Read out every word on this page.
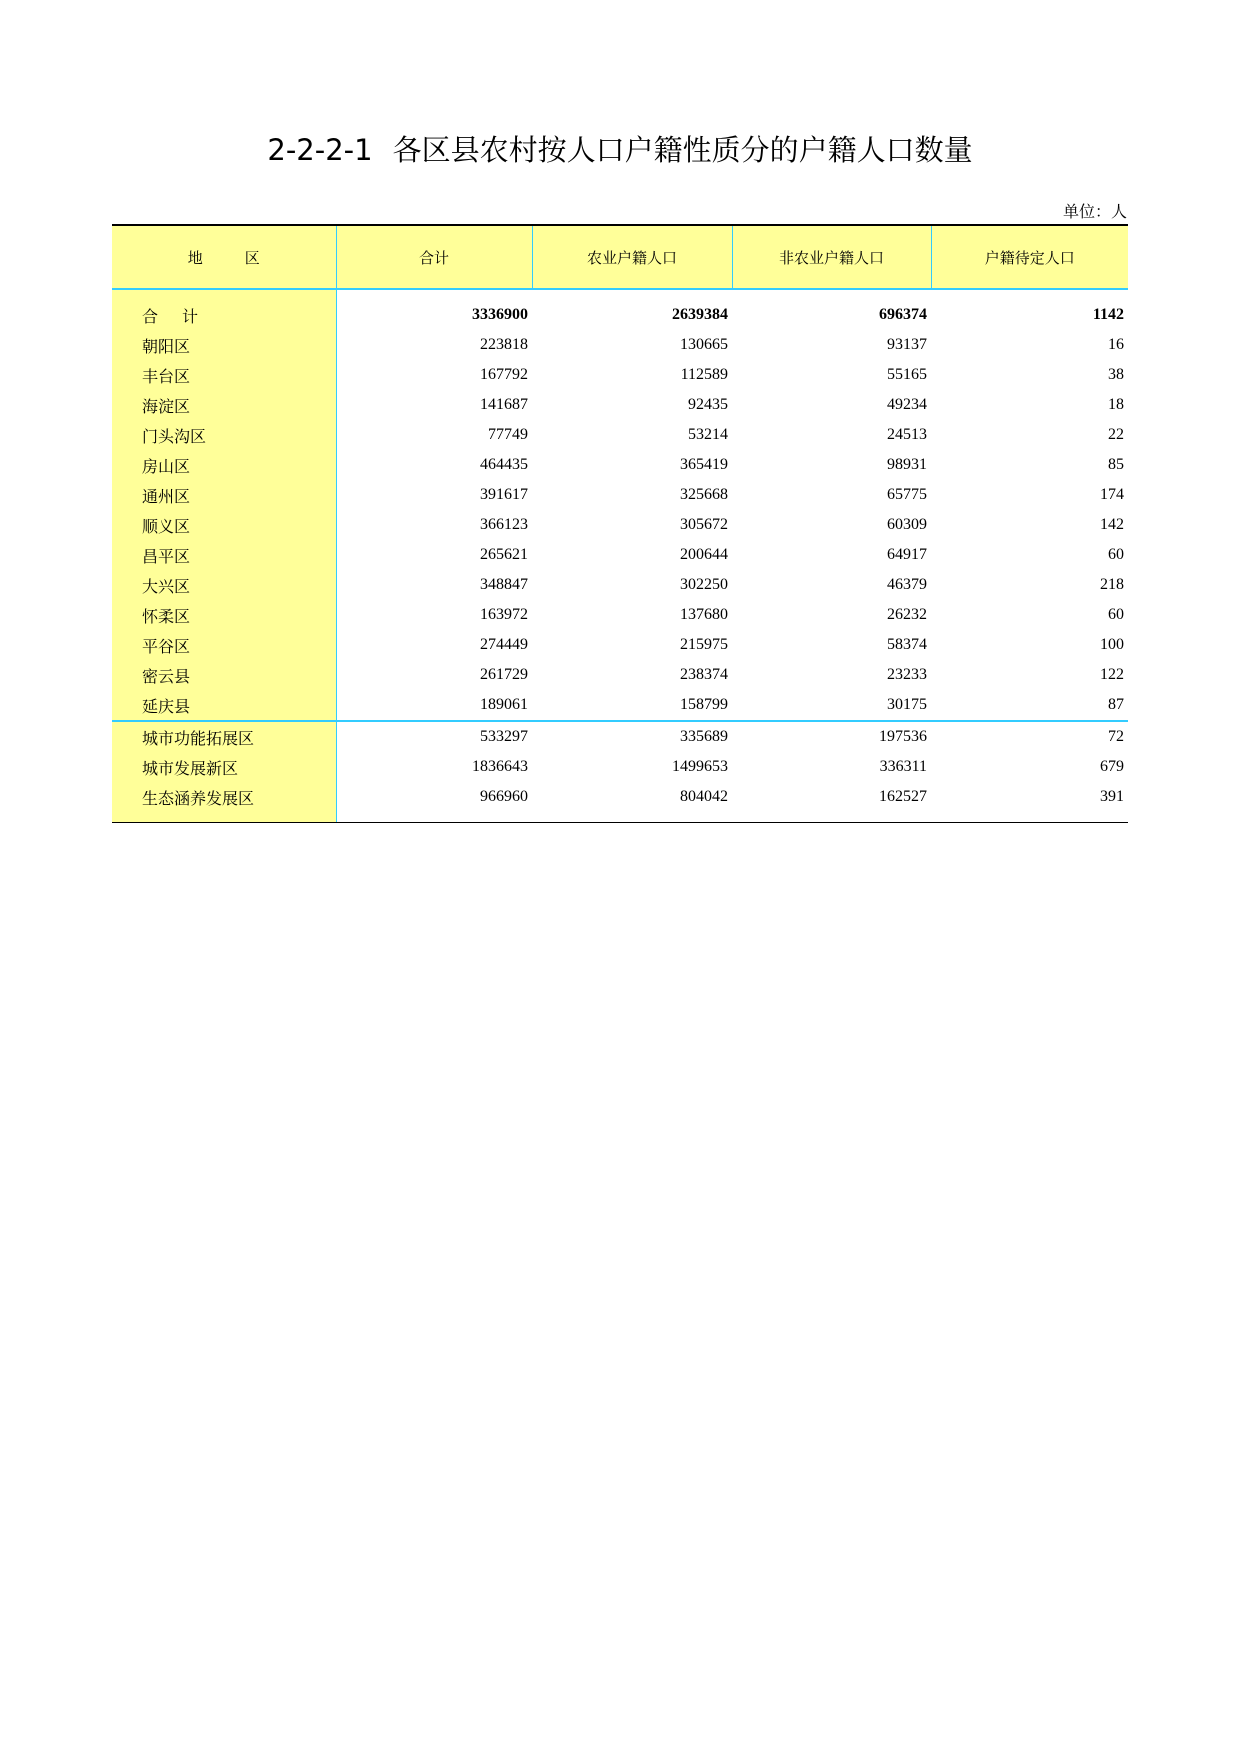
2-2-2-1 各区县农村按人口户籍性质分的户籍人口数量
单位：人
地 区	合计	农业户籍人口	非农业户籍人口	户籍待定人口
合 计	3336900	2639384	696374	1142
朝阳区	223818	130665	93137	16
丰台区	167792	112589	55165	38
海淀区	141687	92435	49234	18
门头沟区	77749	53214	24513	22
房山区	464435	365419	98931	85
通州区	391617	325668	65775	174
顺义区	366123	305672	60309	142
昌平区	265621	200644	64917	60
大兴区	348847	302250	46379	218
怀柔区	163972	137680	26232	60
平谷区	274449	215975	58374	100
密云县	261729	238374	23233	122
延庆县	189061	158799	30175	87
城市功能拓展区	533297	335689	197536	72
城市发展新区	1836643	1499653	336311	679
生态涵养发展区	966960	804042	162527	391
